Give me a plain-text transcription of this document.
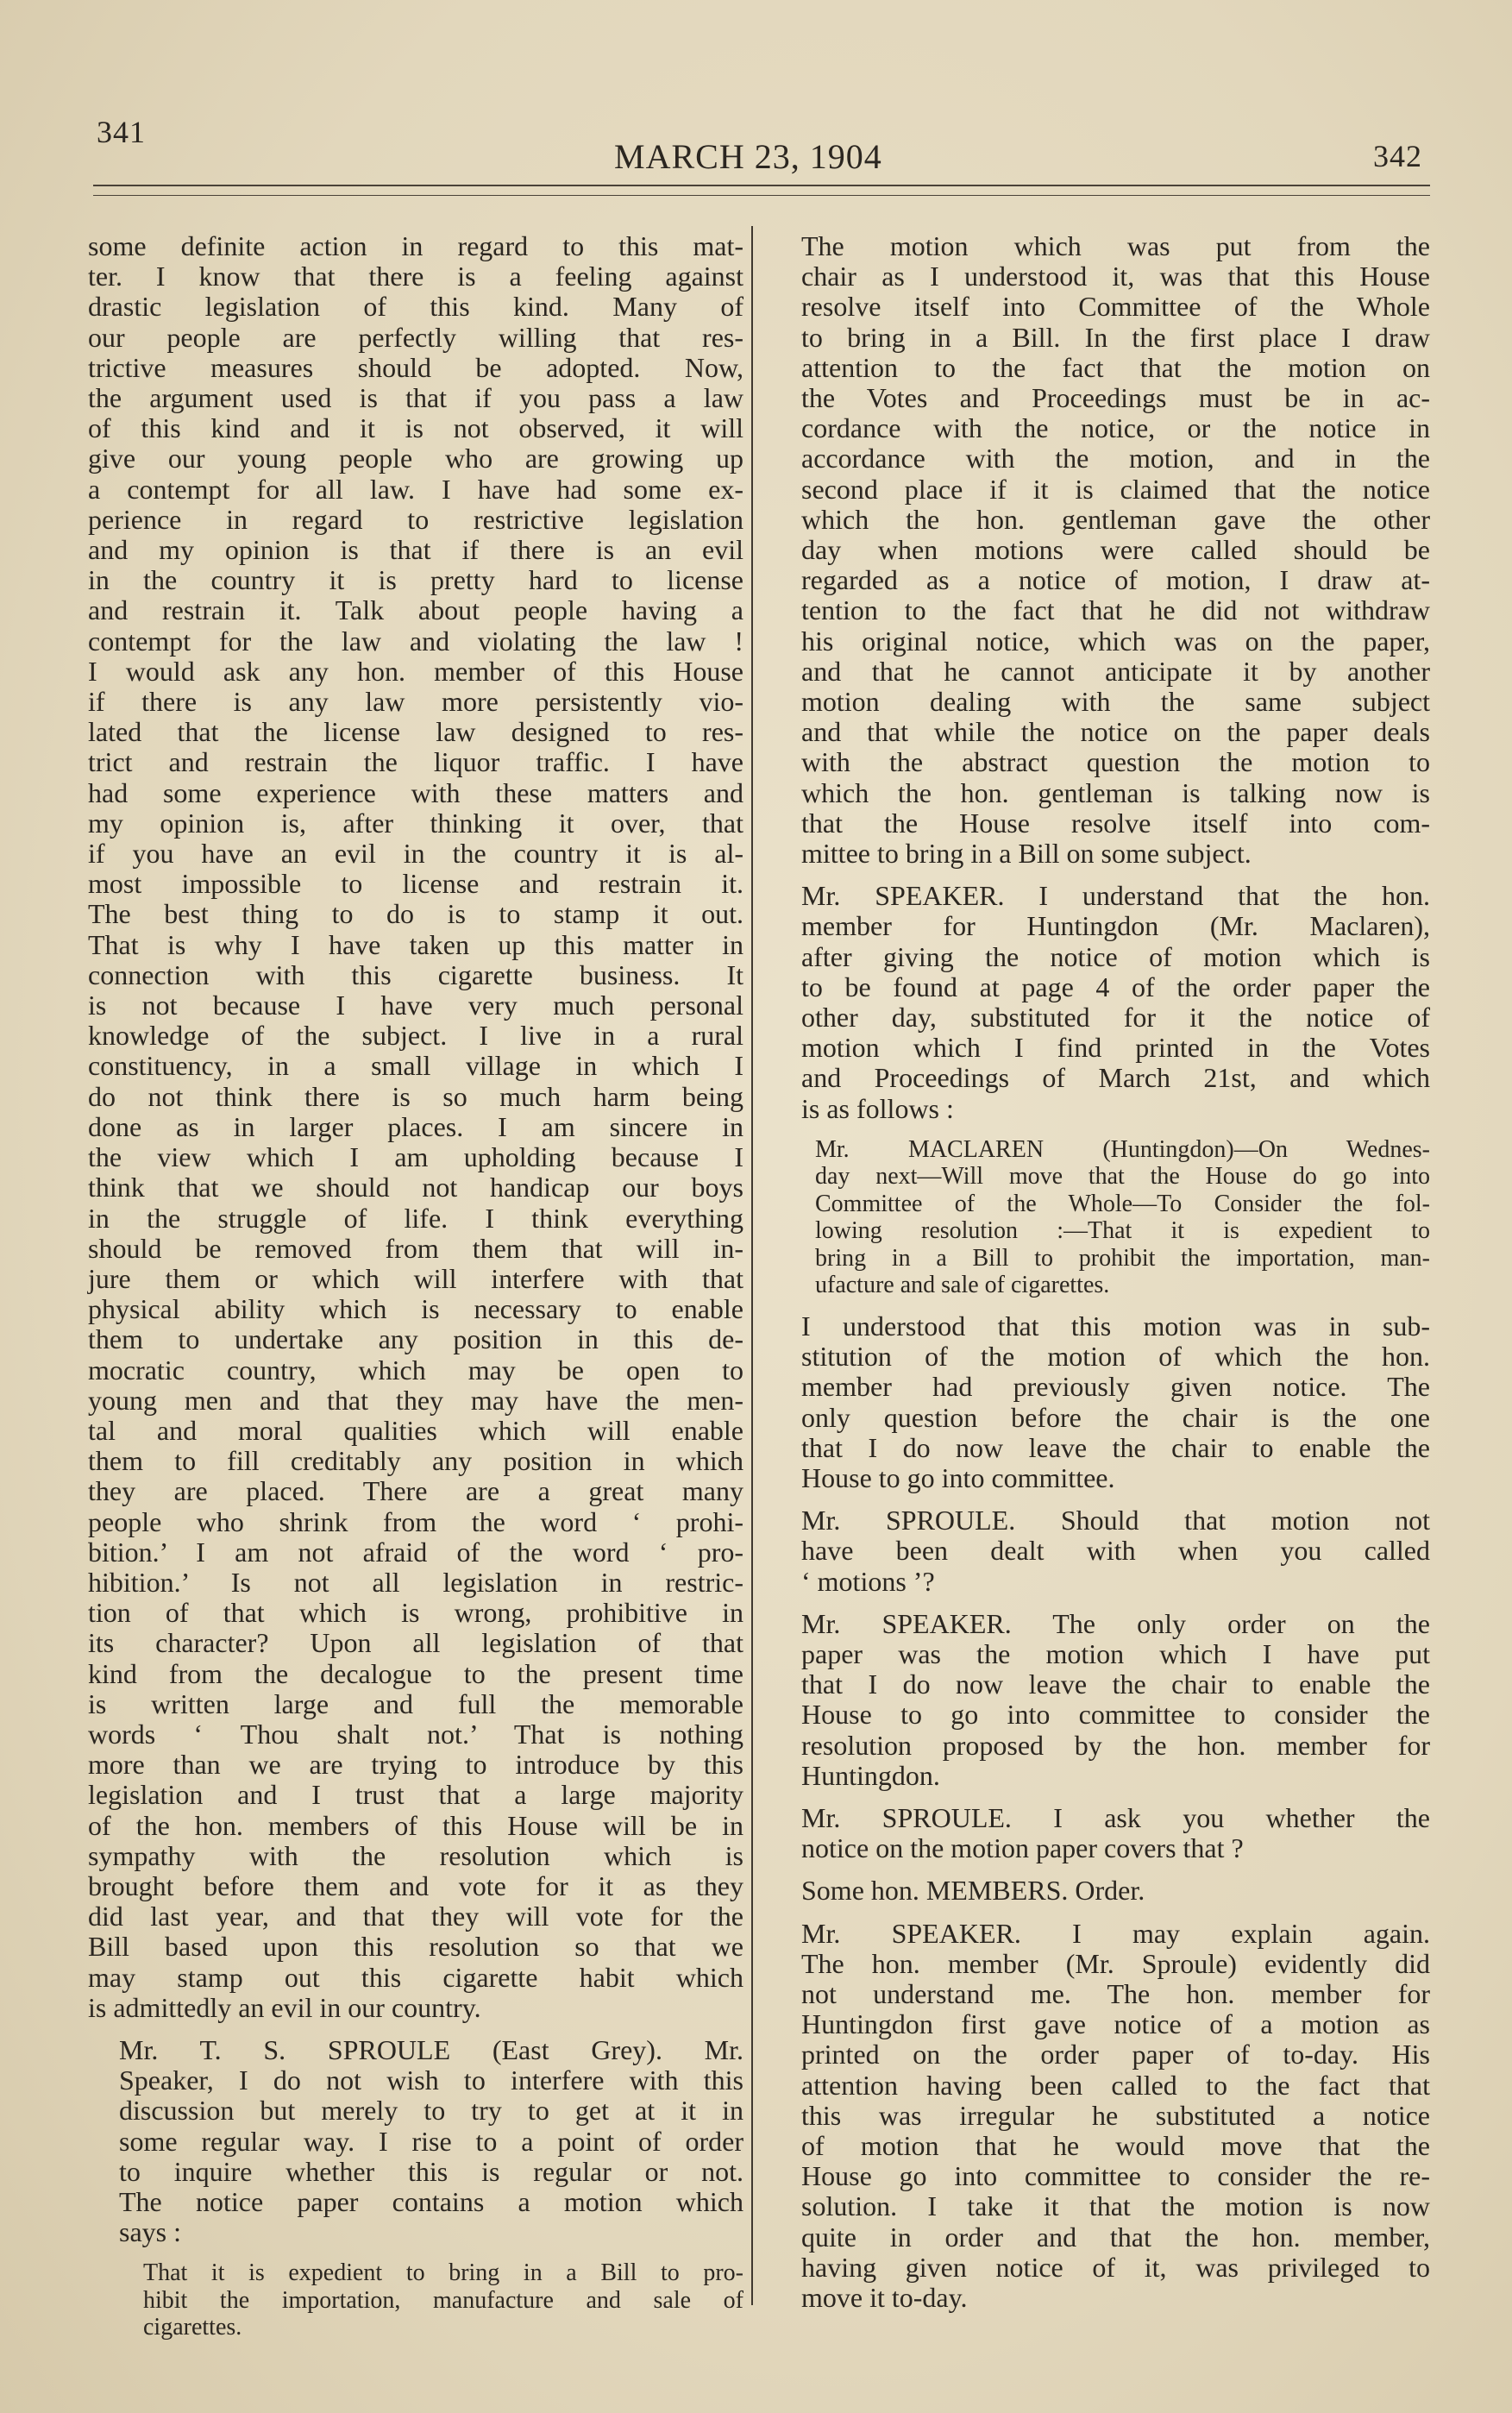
341
MARCH 23, 1904	342
some definite action in regard to this mat-
ter. I know that there is a feeling against
drastic legislation of this kind. Many of
our people are perfectly willing that res-
trictive measures should be adopted. Now,
the argument used is that if you pass a law
of this kind and it is not observed, it will
give our young people who are growing up
a contempt for all law. I have had some ex-
perience in regard to restrictive legislation
and my opinion is that if there is an evil
in the country it is pretty hard to license
and restrain it. Talk about people having a
contempt for the law and violating the law !
I would ask any hon. member of this House
if there is any law more persistently vio-
lated that the license law designed to res-
trict and restrain the liquor traffic. I have
had some experience with these matters and
my opinion is, after thinking it over, that
if you have an evil in the country it is al-
most impossible to license and restrain it.
The best thing to do is to stamp it out.
That is why I have taken up this matter in
connection with this cigarette business. It
is not because I have very much personal
knowledge of the subject. I live in a rural
constituency, in a small village in which I
do not think there is so much harm being
done as in larger places. I am sincere in
the view which I am upholding because I
think that we should not handicap our boys
in the struggle of life. I think everything
should be removed from them that will in-
jure them or which will interfere with that
physical ability which is necessary to enable
them to undertake any position in this de-
mocratic country, which may be open to
young men and that they may have the men-
tal and moral qualities which will enable
them to fill creditably any position in which
they are placed. There are a great many
people who shrink from the word ‘ prohi-
bition.’ I am not afraid of the word ‘ pro-
hibition.’ Is not all legislation in restric-
tion of that which is wrong, prohibitive in
its character? Upon all legislation of that
kind from the decalogue to the present time
is written large and full the memorable
words ‘ Thou shalt not.’ That is nothing
more than we are trying to introduce by this
legislation and I trust that a large majority
of the hon. members of this House will be in
sympathy with the resolution which is
brought before them and vote for it as they
did last year, and that they will vote for the
Bill based upon this resolution so that we
may stamp out this cigarette habit which
is admittedly an evil in our country.
Mr. T. S. SPROULE (East Grey). Mr.
Speaker, I do not wish to interfere with this
discussion but merely to try to get at it in
some regular way. I rise to a point of order
to inquire whether this is regular or not.
The notice paper contains a motion which
says :
That it is expedient to bring in a Bill to pro-
hibit the importation, manufacture and sale of
cigarettes.
The motion which was put from the
chair as I understood it, was that this House
resolve itself into Committee of the Whole
to bring in a Bill. In the first place I draw
attention to the fact that the motion on
the Votes and Proceedings must be in ac-
cordance with the notice, or the notice in
accordance with the motion, and in the
second place if it is claimed that the notice
which the hon. gentleman gave the other
day when motions were called should be
regarded as a notice of motion, I draw at-
tention to the fact that he did not withdraw
his original notice, which was on the paper,
and that he cannot anticipate it by another
motion dealing with the same subject
and that while the notice on the paper deals
with the abstract question the motion to
which the hon. gentleman is talking now is
that the House resolve itself into com-
mittee to bring in a Bill on some subject.
Mr. SPEAKER. I understand that the hon.
member for Huntingdon (Mr. Maclaren),
after giving the notice of motion which is
to be found at page 4 of the order paper the
other day, substituted for it the notice of
motion which I find printed in the Votes
and Proceedings of March 21st, and which
is as follows :
Mr. MACLAREN (Huntingdon)—On Wednes-
day next—Will move that the House do go into
Committee of the Whole—To Consider the fol-
lowing resolution :—That it is expedient to
bring in a Bill to prohibit the importation, man-
ufacture and sale of cigarettes.
I understood that this motion was in sub-
stitution of the motion of which the hon.
member had previously given notice. The
only question before the chair is the one
that I do now leave the chair to enable the
House to go into committee.
Mr. SPROULE. Should that motion not
have been dealt with when you called
‘ motions ’?
Mr. SPEAKER. The only order on the
paper was the motion which I have put
that I do now leave the chair to enable the
House to go into committee to consider the
resolution proposed by the hon. member for
Huntingdon.
Mr. SPROULE. I ask you whether the
notice on the motion paper covers that ?
Some hon. MEMBERS. Order.
Mr. SPEAKER. I may explain again.
The hon. member (Mr. Sproule) evidently did
not understand me. The hon. member for
Huntingdon first gave notice of a motion as
printed on the order paper of to-day. His
attention having been called to the fact that
this was irregular he substituted a notice
of motion that he would move that the
House go into committee to consider the re-
solution. I take it that the motion is now
quite in order and that the hon. member,
having given notice of it, was privileged to
move it to-day.
